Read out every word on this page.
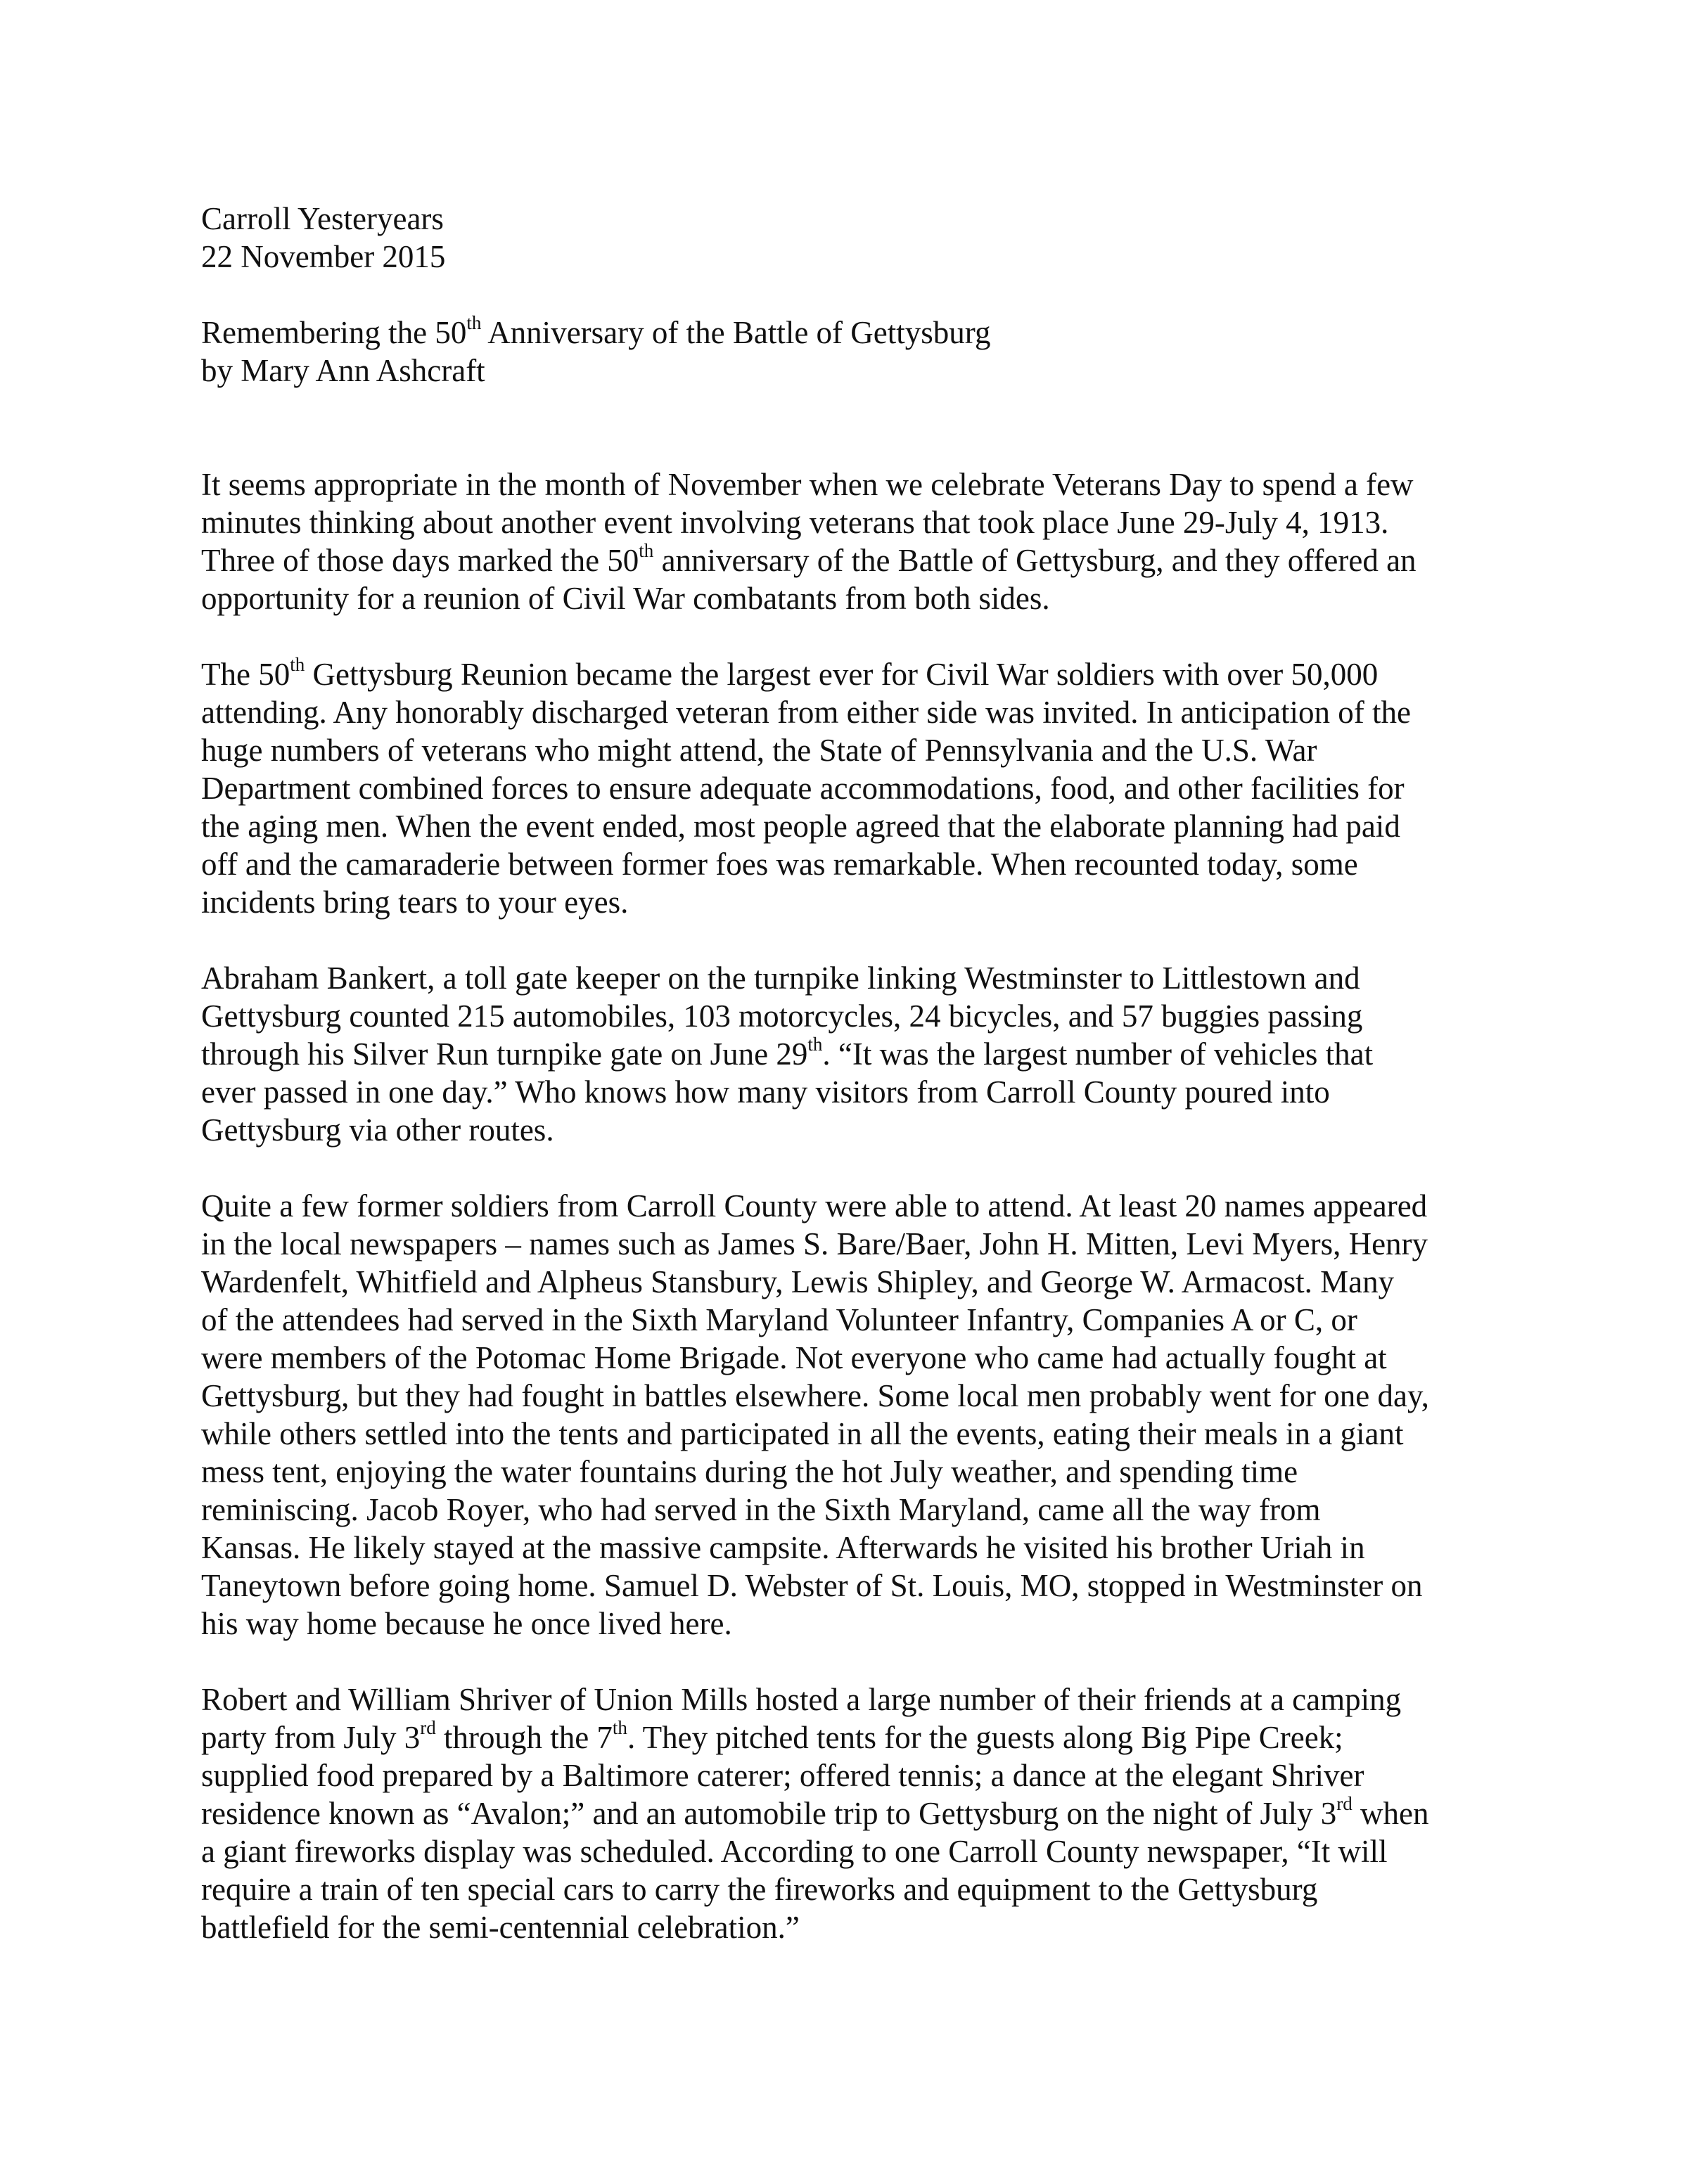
Carroll Yesteryears
22 November 2015
Remembering the 50th Anniversary of the Battle of Gettysburg
by Mary Ann Ashcraft
It seems appropriate in the month of November when we celebrate Veterans Day to spend a few
minutes thinking about another event involving veterans that took place June 29-July 4, 1913.
Three of those days marked the 50th anniversary of the Battle of Gettysburg, and they offered an
opportunity for a reunion of Civil War combatants from both sides.
The 50th Gettysburg Reunion became the largest ever for Civil War soldiers with over 50,000
attending. Any honorably discharged veteran from either side was invited. In anticipation of the
huge numbers of veterans who might attend, the State of Pennsylvania and the U.S. War
Department combined forces to ensure adequate accommodations, food, and other facilities for
the aging men. When the event ended, most people agreed that the elaborate planning had paid
off and the camaraderie between former foes was remarkable. When recounted today, some
incidents bring tears to your eyes.
Abraham Bankert, a toll gate keeper on the turnpike linking Westminster to Littlestown and
Gettysburg counted 215 automobiles, 103 motorcycles, 24 bicycles, and 57 buggies passing
through his Silver Run turnpike gate on June 29th. “It was the largest number of vehicles that
ever passed in one day.” Who knows how many visitors from Carroll County poured into
Gettysburg via other routes.
Quite a few former soldiers from Carroll County were able to attend. At least 20 names appeared
in the local newspapers – names such as James S. Bare/Baer, John H. Mitten, Levi Myers, Henry
Wardenfelt, Whitfield and Alpheus Stansbury, Lewis Shipley, and George W. Armacost. Many
of the attendees had served in the Sixth Maryland Volunteer Infantry, Companies A or C, or
were members of the Potomac Home Brigade. Not everyone who came had actually fought at
Gettysburg, but they had fought in battles elsewhere. Some local men probably went for one day,
while others settled into the tents and participated in all the events, eating their meals in a giant
mess tent, enjoying the water fountains during the hot July weather, and spending time
reminiscing. Jacob Royer, who had served in the Sixth Maryland, came all the way from
Kansas. He likely stayed at the massive campsite. Afterwards he visited his brother Uriah in
Taneytown before going home. Samuel D. Webster of St. Louis, MO, stopped in Westminster on
his way home because he once lived here.
Robert and William Shriver of Union Mills hosted a large number of their friends at a camping
party from July 3rd through the 7th. They pitched tents for the guests along Big Pipe Creek;
supplied food prepared by a Baltimore caterer; offered tennis; a dance at the elegant Shriver
residence known as “Avalon;” and an automobile trip to Gettysburg on the night of July 3rd when
a giant fireworks display was scheduled. According to one Carroll County newspaper, “It will
require a train of ten special cars to carry the fireworks and equipment to the Gettysburg
battlefield for the semi-centennial celebration.”
